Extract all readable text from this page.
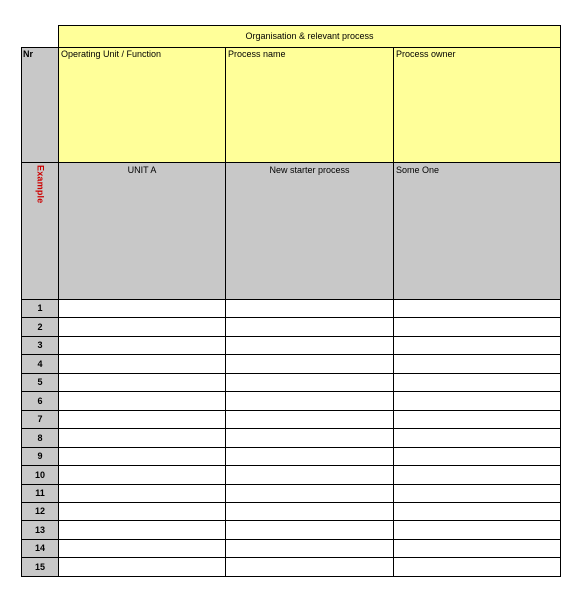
Organisation & relevant process
Nr	Operating Unit / Function	Process name	Process owner
Example	UNIT A	New starter process	Some One
1
2
3
4
5
6
7
8
9
10
11
12
13
14
15
